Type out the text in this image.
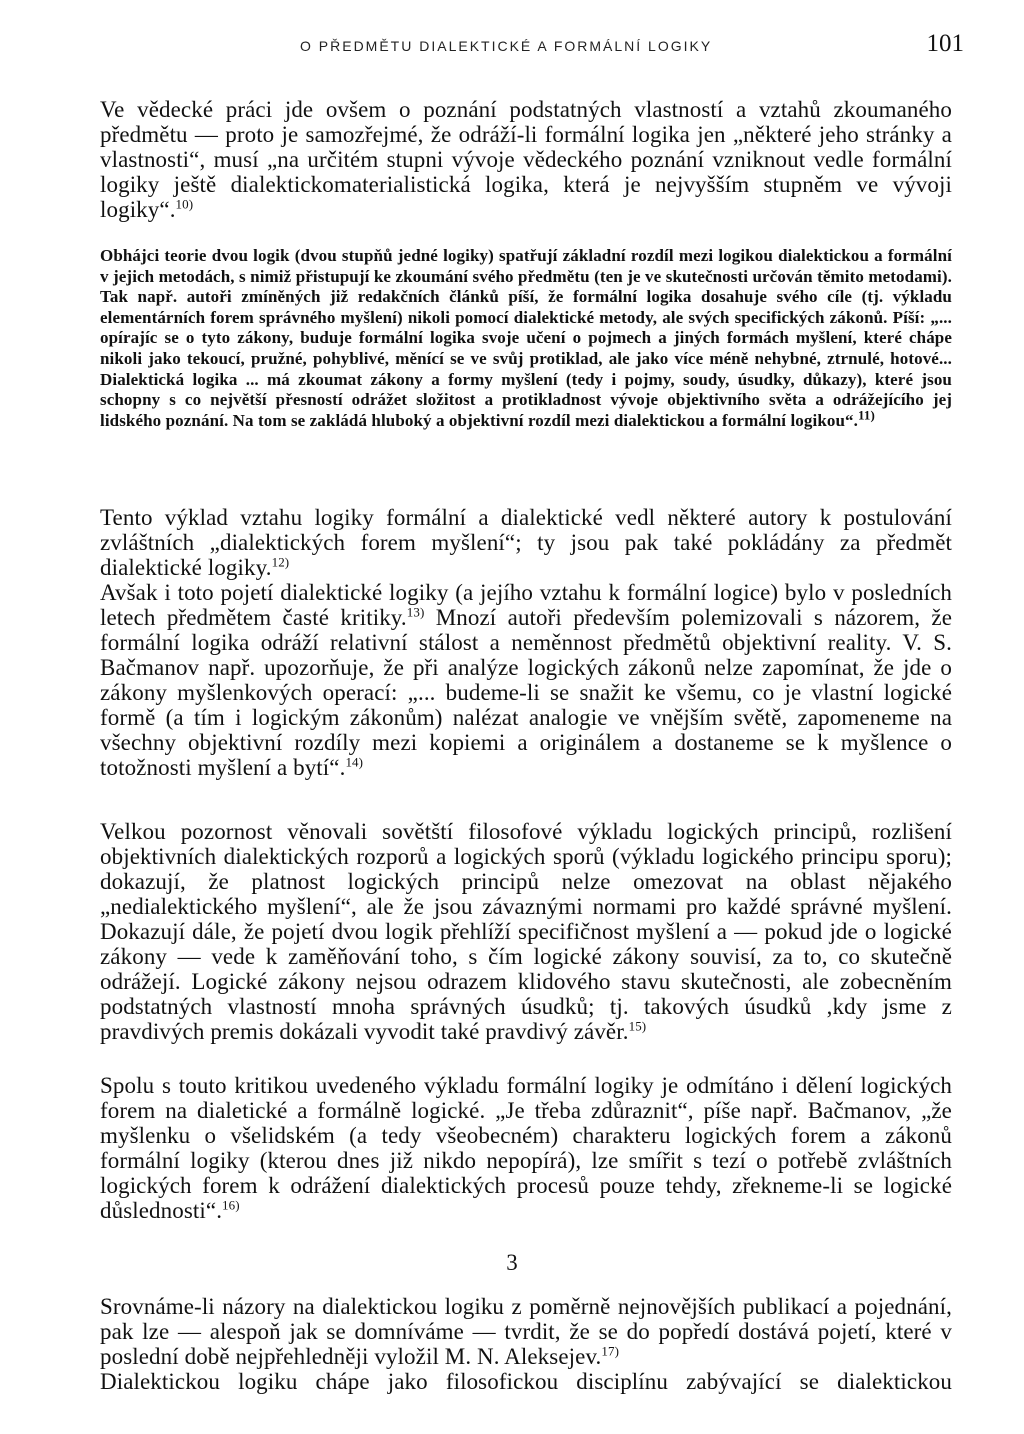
O PŘEDMĚTU DIALEKTICKÉ A FORMÁLNÍ LOGIKY	101

Ve vědecké práci jde ovšem o poznání podstatných vlastností a vztahů zkoumaného předmětu — proto je samozřejmé, že odráží-li formální logika jen „některé jeho stránky a vlastnosti“, musí „na určitém stupni vývoje vědeckého poznání vzniknout vedle formální logiky ještě dialektickomaterialistická logika, která je nejvyšším stupněm ve vývoji logiky“.$^{10)}$

Obhájci teorie dvou logik (dvou stupňů jedné logiky) spatřují základní rozdíl mezi logikou dialektickou a formální v jejich metodách, s nimiž přistupují ke zkoumání svého předmětu (ten je ve skutečnosti určován těmito metodami). Tak např. autoři zmíněných již redakčních článků píší, že formální logika dosahuje svého cíle (tj. výkladu elementárních forem správného myšlení) nikoli pomocí dialektické metody, ale svých specifických zákonů. Píší: „... opírajíc se o tyto zákony, buduje formální logika svoje učení o pojmech a jiných formách myšlení, které chápe nikoli jako tekoucí, pružné, pohyblivé, měnící se ve svůj protiklad, ale jako více méně nehybné, ztrnulé, hotové... Dialektická logika ... má zkoumat zákony a formy myšlení (tedy i pojmy, soudy, úsudky, důkazy), které jsou schopny s co největší přesností odrážet složitost a protikladnost vývoje objektivního světa a odrážejícího jej lidského poznání. Na tom se zakládá hluboký a objektivní rozdíl mezi dialektickou a formální logikou“.$^{11)}$

Tento výklad vztahu logiky formální a dialektické vedl některé autory k postulování zvláštních „dialektických forem myšlení“; ty jsou pak také pokládány za předmět dialektické logiky.$^{12)}$

Avšak i toto pojetí dialektické logiky (a jejího vztahu k formální logice) bylo v posledních letech předmětem časté kritiky.$^{13)}$ Mnozí autoři především polemizovali s názorem, že formální logika odráží relativní stálost a neměnnost předmětů objektivní reality. V. S. Bačmanov např. upozorňuje, že při analýze logických zákonů nelze zapomínat, že jde o zákony myšlenkových operací: „... budeme-li se snažit ke všemu, co je vlastní logické formě (a tím i logickým zákonům) nalézat analogie ve vnějším světě, zapomeneme na všechny objektivní rozdíly mezi kopiemi a originálem a dostaneme se k myšlence o totožnosti myšlení a bytí“.$^{14)}$

Velkou pozornost věnovali sovětští filosofové výkladu logických principů, rozlišení objektivních dialektických rozporů a logických sporů (výkladu logického principu sporu); dokazují, že platnost logických principů nelze omezovat na oblast nějakého „nedialektického myšlení“, ale že jsou závaznými normami pro každé správné myšlení. Dokazují dále, že pojetí dvou logik přehlíží specifičnost myšlení a — pokud jde o logické zákony — vede k zaměňování toho, s čím logické zákony souvisí, za to, co skutečně odrážejí. Logické zákony nejsou odrazem klidového stavu skutečnosti, ale zobecněním podstatných vlastností mnoha správných úsudků; tj. takových úsudků ,kdy jsme z pravdivých premis dokázali vyvodit také pravdivý závěr.$^{15)}$

Spolu s touto kritikou uvedeného výkladu formální logiky je odmítáno i dělení logických forem na dialetické a formálně logické. „Je třeba zdůraznit“, píše např. Bačmanov, „že myšlenku o všelidském (a tedy všeobecném) charakteru logických forem a zákonů formální logiky (kterou dnes již nikdo nepopírá), lze smířit s tezí o potřebě zvláštních logických forem k odrážení dialektických procesů pouze tehdy, zřekneme-li se logické důslednosti“.$^{16)}$

3

Srovnáme-li názory na dialektickou logiku z poměrně nejnovějších publikací a pojednání, pak lze — alespoň jak se domníváme — tvrdit, že se do popředí dostává pojetí, které v poslední době nejpřehledněji vyložil M. N. Aleksejev.$^{17)}$

Dialektickou logiku chápe jako filosofickou disciplínu zabývající se dialektickou
